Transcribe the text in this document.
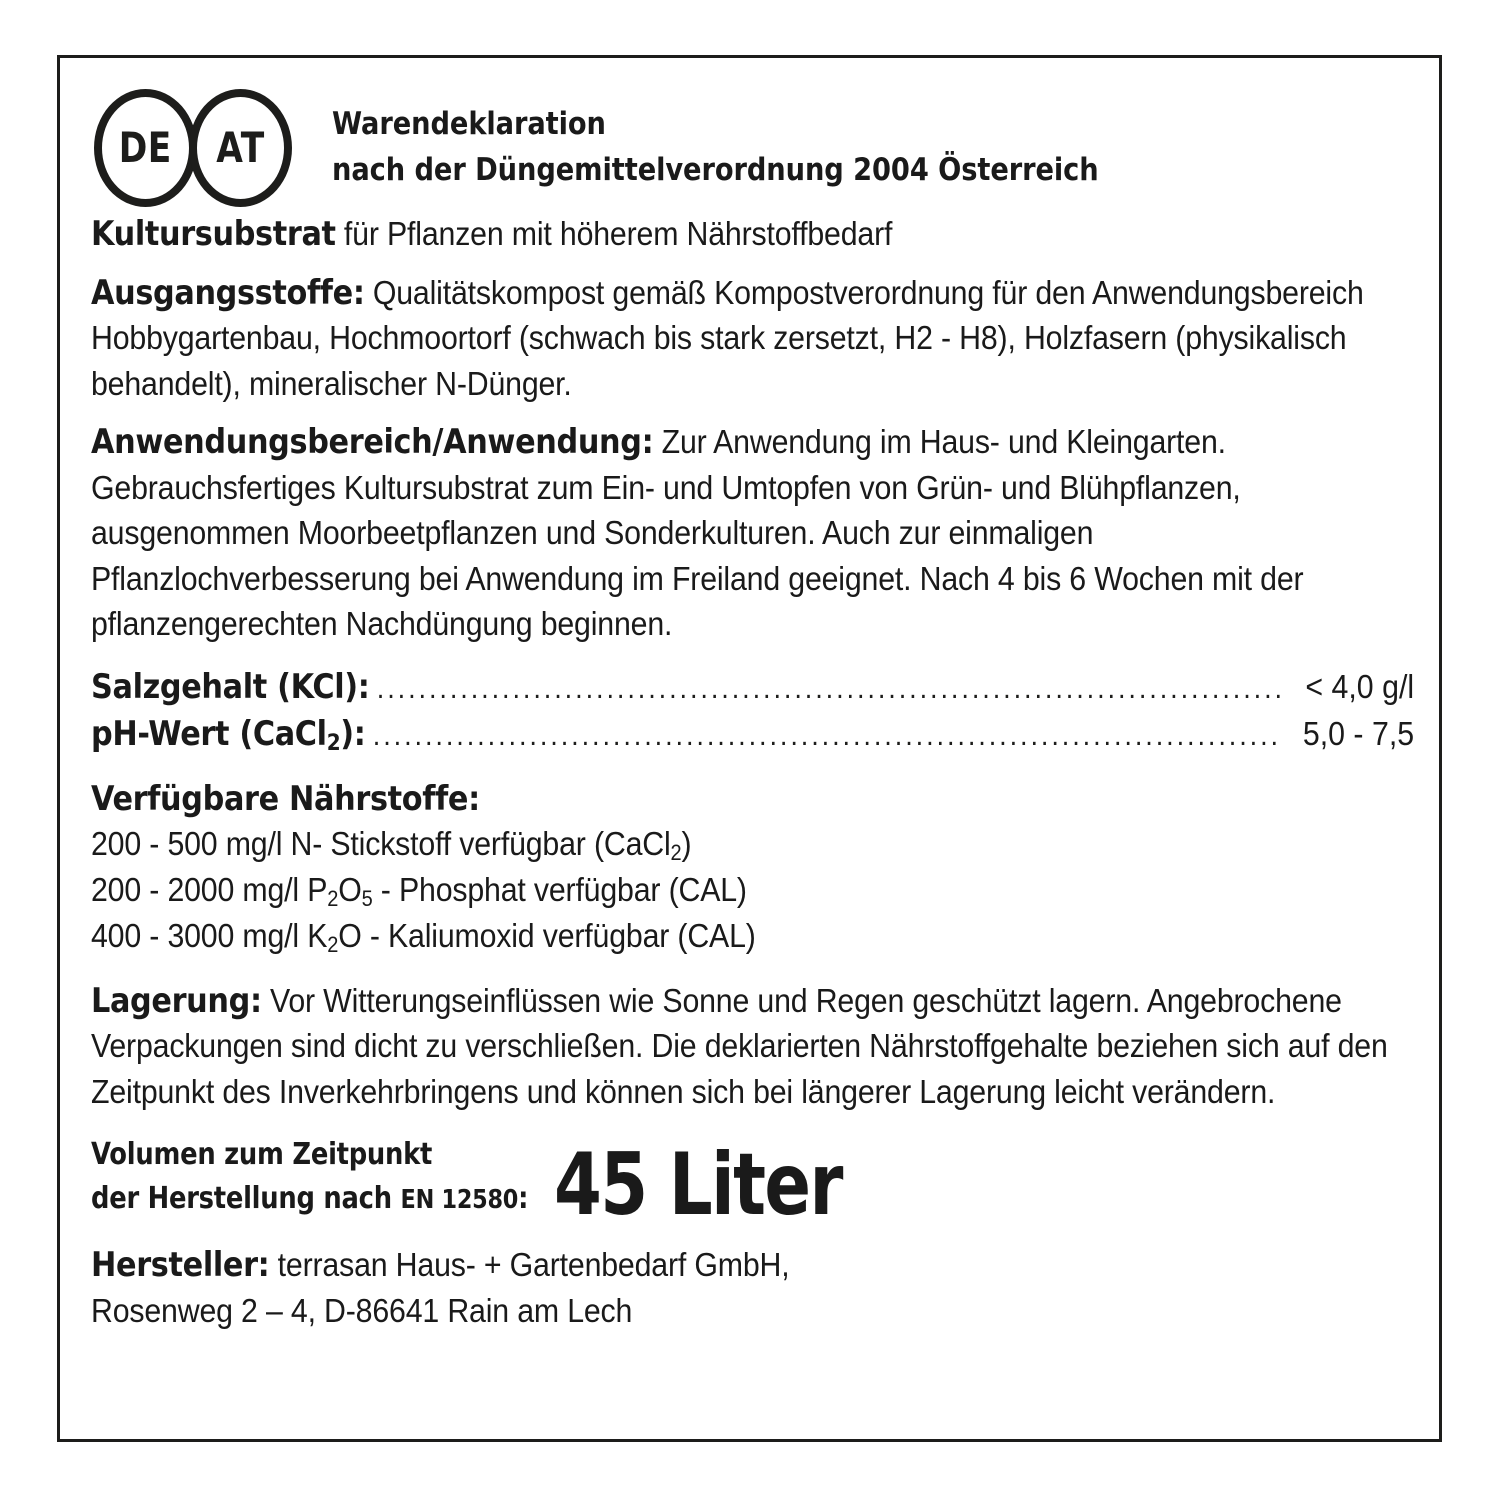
DE AT Warendeklaration
nach der Düngemittelverordnung 2004 Österreich

Kultursubstrat für Pflanzen mit höherem Nährstoffbedarf

Ausgangsstoffe: Qualitätskompost gemäß Kompostverordnung für den Anwendungsbereich Hobbygartenbau, Hochmoortorf (schwach bis stark zersetzt, H2 - H8), Holzfasern (physikalisch behandelt), mineralischer N-Dünger.

Anwendungsbereich/Anwendung: Zur Anwendung im Haus- und Kleingarten. Gebrauchsfertiges Kultursubstrat zum Ein- und Umtopfen von Grün- und Blühpflanzen, ausgenommen Moorbeetpflanzen und Sonderkulturen. Auch zur einmaligen Pflanzlochverbesserung bei Anwendung im Freiland geeignet. Nach 4 bis 6 Wochen mit der pflanzengerechten Nachdüngung beginnen.

Salzgehalt (KCl): ....................................................................................... < 4,0 g/l
pH-Wert (CaCl$_2$): ....................................................................................... 5,0 - 7,5
Verfügbare Nährstoffe:
200 - 500 mg/l N- Stickstoff verfügbar (CaCl$_2$)
200 - 2000 mg/l $P_2O_5$ - Phosphat verfügbar (CAL)
400 - 3000 mg/l $K_2O$ - Kaliumoxid verfügbar (CAL)

Lagerung: Vor Witterungseinflüssen wie Sonne und Regen geschützt lagern. Angebrochene Verpackungen sind dicht zu verschließen. Die deklarierten Nährstoffgehalte beziehen sich auf den Zeitpunkt des Inverkehrbringens und können sich bei längerer Lagerung leicht verändern.

Volumen zum Zeitpunkt
der Herstellung nach EN 12580: 45 Liter
Hersteller: terrasan Haus- + Gartenbedarf GmbH,
Rosenweg 2 – 4, D-86641 Rain am Lech
